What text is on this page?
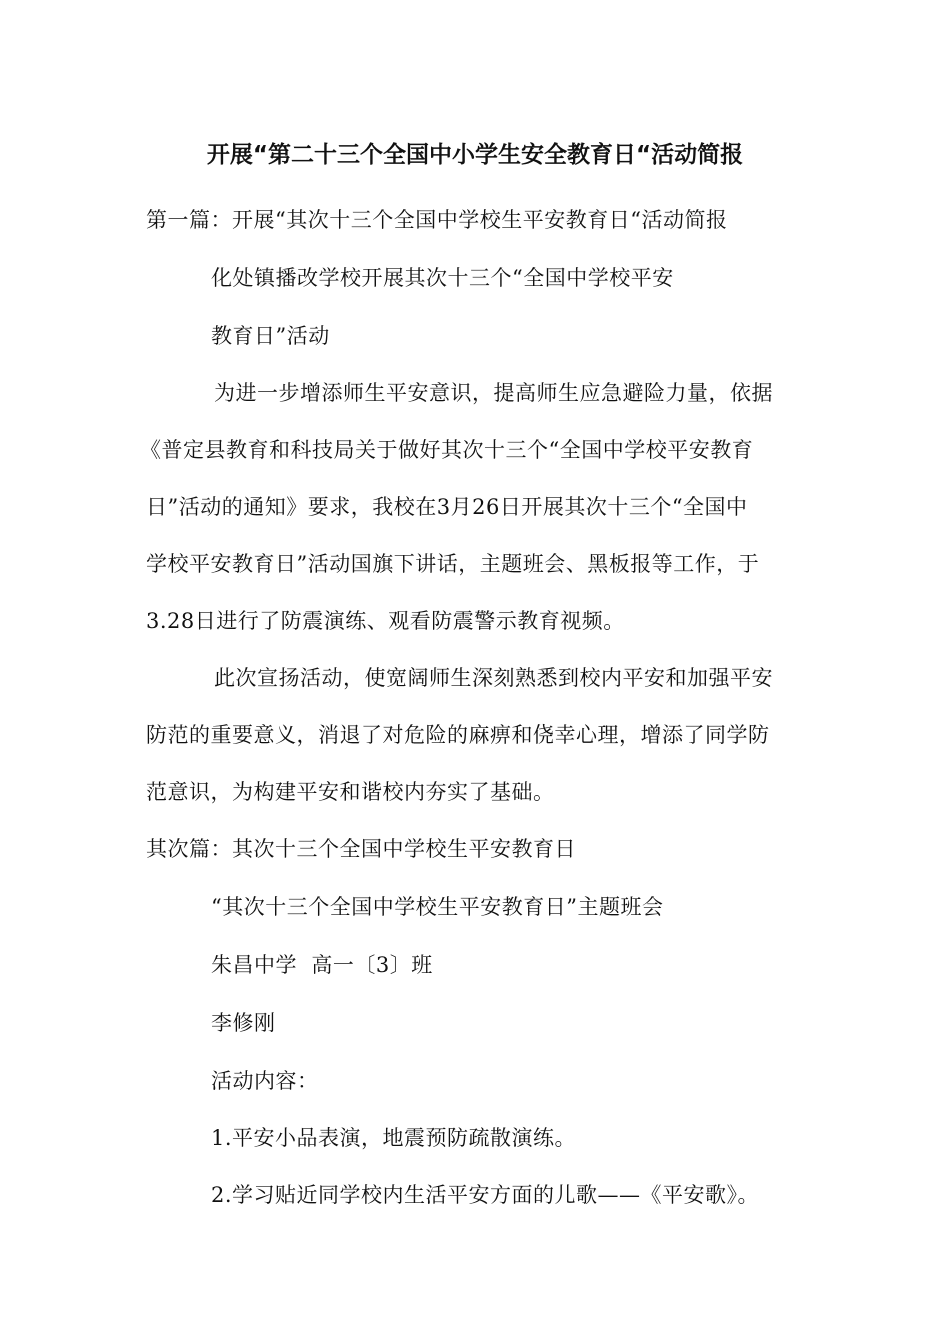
开展“第二十三个全国中小学生安全教育日“活动简报
第一篇：开展“其次十三个全国中学校生平安教育日“活动简报
化处镇播改学校开展其次十三个“全国中学校平安
教育日”活动
为进一步增添师生平安意识，提高师生应急避险力量，依据
《普定县教育和科技局关于做好其次十三个“全国中学校平安教育
日”活动的通知》要求，我校在3月26日开展其次十三个“全国中
学校平安教育日”活动国旗下讲话，主题班会、黑板报等工作，于
3.28日进行了防震演练、观看防震警示教育视频。
此次宣扬活动，使宽阔师生深刻熟悉到校内平安和加强平安
防范的重要意义，消退了对危险的麻痹和侥幸心理，增添了同学防
范意识，为构建平安和谐校内夯实了基础。
其次篇：其次十三个全国中学校生平安教育日
“其次十三个全国中学校生平安教育日”主题班会
朱昌中学  高一〔3〕班
李修刚
活动内容：
1.平安小品表演，地震预防疏散演练。
2.学习贴近同学校内生活平安方面的儿歌——《平安歌》。
